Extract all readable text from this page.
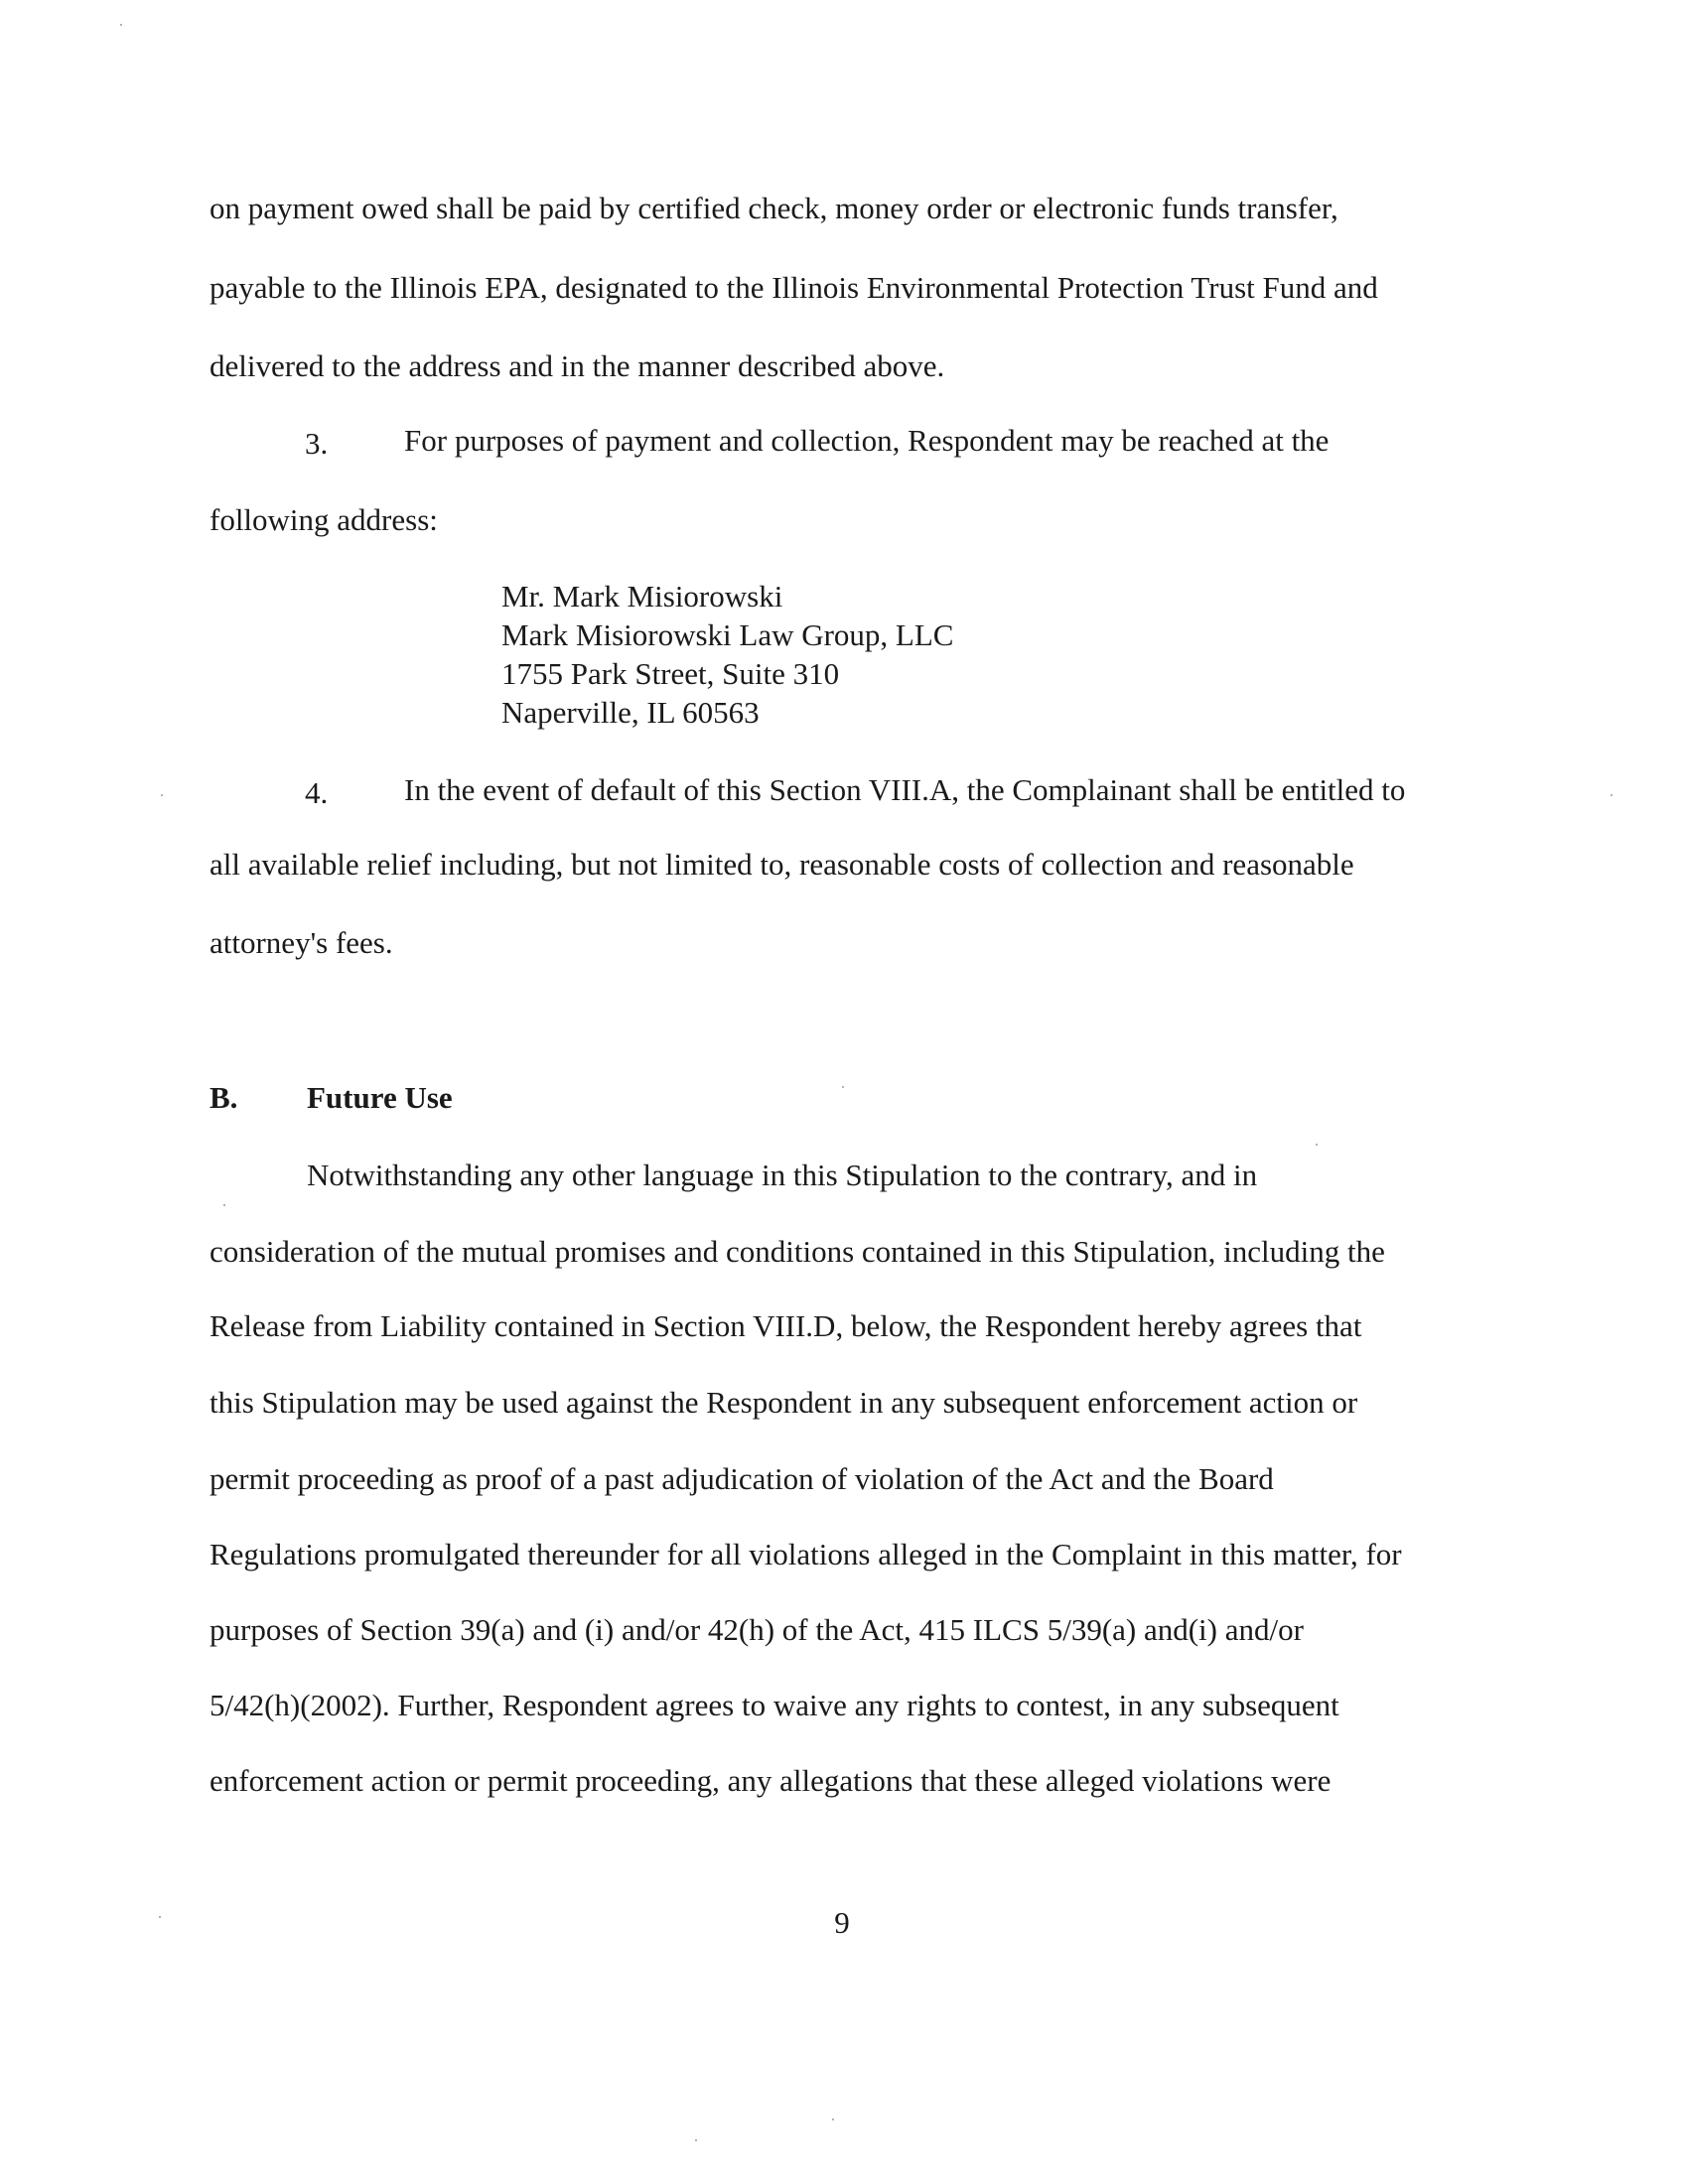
on payment owed shall be paid by certified check, money order or electronic funds transfer,

payable to the Illinois EPA, designated to the Illinois Environmental Protection Trust Fund and

delivered to the address and in the manner described above.

3. For purposes of payment and collection, Respondent may be reached at the

following address:

Mr. Mark Misiorowski

Mark Misiorowski Law Group, LLC

1755 Park Street, Suite 310

Naperville, IL 60563

4. In the event of default of this Section VIII.A, the Complainant shall be entitled to

all available relief including, but not limited to, reasonable costs of collection and reasonable

attorney's fees.

B. Future Use

Notwithstanding any other language in this Stipulation to the contrary, and in

consideration of the mutual promises and conditions contained in this Stipulation, including the

Release from Liability contained in Section VIII.D, below, the Respondent hereby agrees that

this Stipulation may be used against the Respondent in any subsequent enforcement action or

permit proceeding as proof of a past adjudication of violation of the Act and the Board

Regulations promulgated thereunder for all violations alleged in the Complaint in this matter, for

purposes of Section 39(a) and (i) and/or 42(h) of the Act, 415 ILCS 5/39(a) and(i) and/or

5/42(h)(2002). Further, Respondent agrees to waive any rights to contest, in any subsequent

enforcement action or permit proceeding, any allegations that these alleged violations were

9
